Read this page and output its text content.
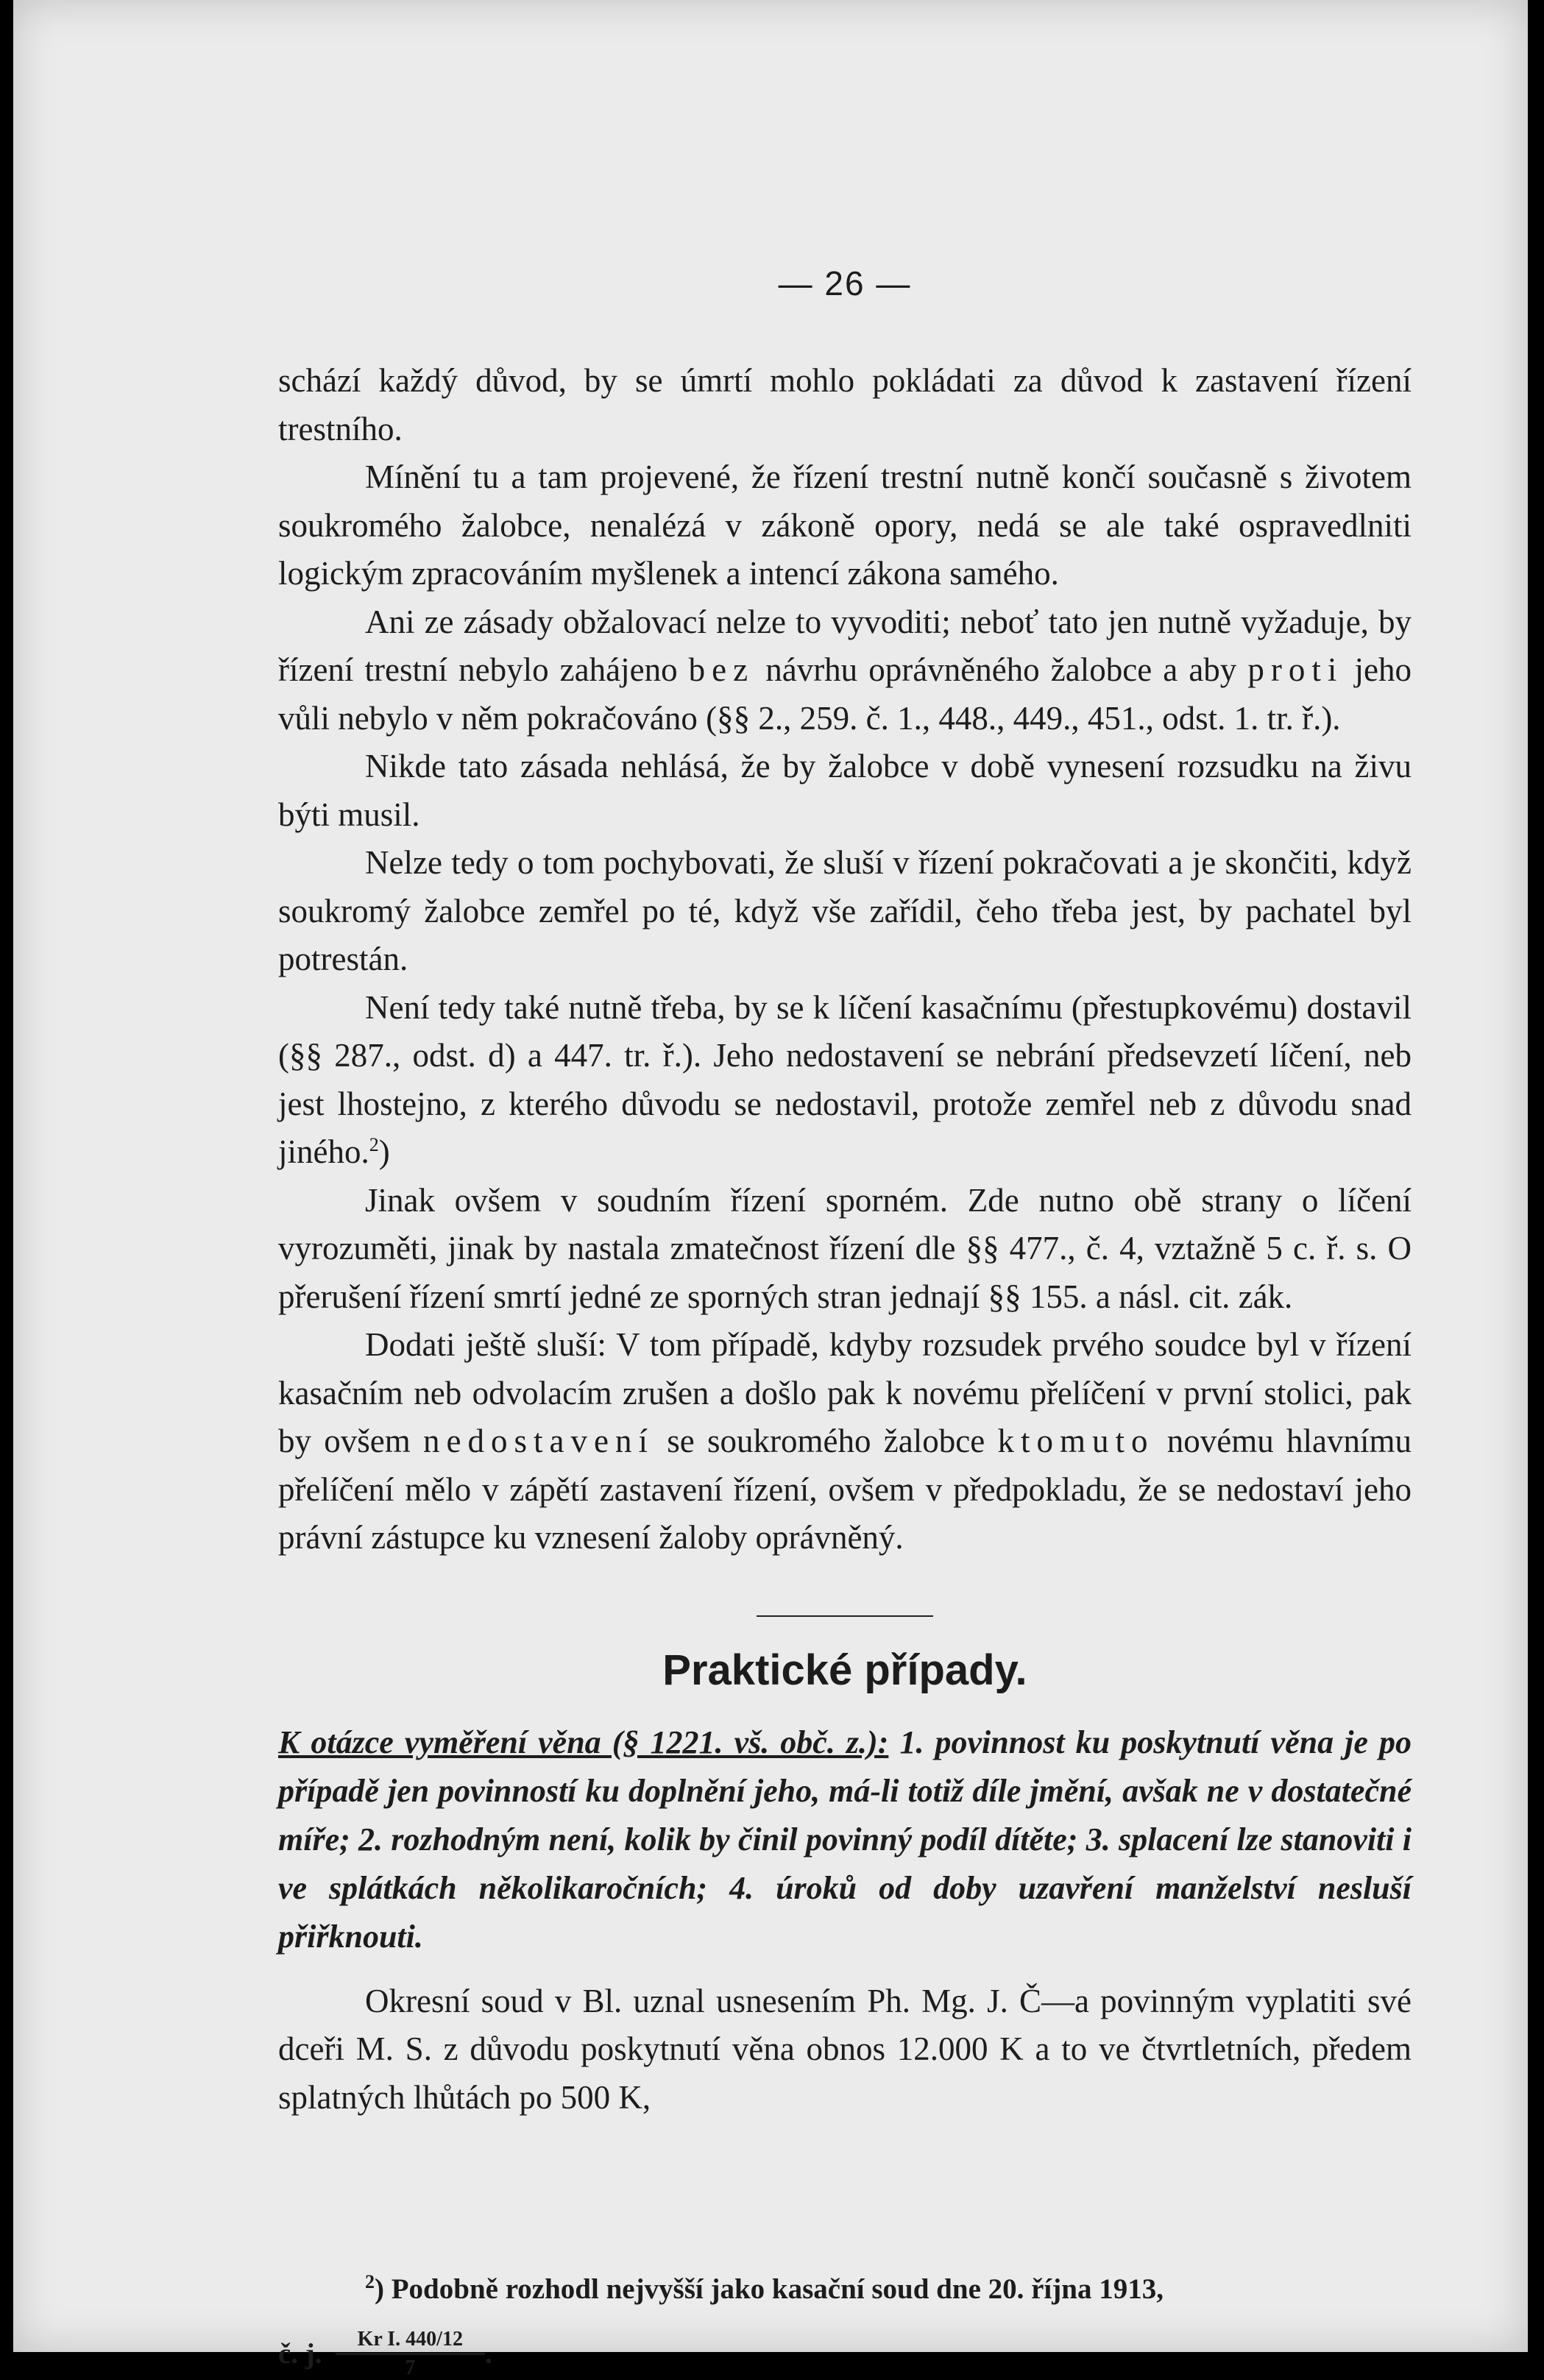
— 26 —

schází každý důvod, by se úmrtí mohlo pokládati za důvod k zastavení řízení trestního.

Mínění tu a tam projevené, že řízení trestní nutně končí současně s životem soukromého žalobce, nenalézá v zákoně opory, nedá se ale také ospravedlniti logickým zpracováním myšlenek a intencí zákona samého.

Ani ze zásady obžalovací nelze to vyvoditi; neboť tato jen nutně vyžaduje, by řízení trestní nebylo zahájeno bez návrhu oprávněného žalobce a aby proti jeho vůli nebylo v něm pokračováno (§§ 2., 259. č. 1., 448., 449., 451., odst. 1. tr. ř.).

Nikde tato zásada nehlásá, že by žalobce v době vynesení rozsudku na živu býti musil.

Nelze tedy o tom pochybovati, že sluší v řízení pokračovati a je skončiti, když soukromý žalobce zemřel po té, když vše zařídil, čeho třeba jest, by pachatel byl potrestán.

Není tedy také nutně třeba, by se k líčení kasačnímu (přestupkovému) dostavil (§§ 287., odst. d) a 447. tr. ř.). Jeho nedostavení se nebrání předsevzetí líčení, neb jest lhostejno, z kterého důvodu se nedostavil, protože zemřel neb z důvodu snad jiného.$^2$)

Jinak ovšem v soudním řízení sporném. Zde nutno obě strany o líčení vyrozuměti, jinak by nastala zmatečnost řízení dle §§ 477., č. 4, vztažně 5 c. ř. s. O přerušení řízení smrtí jedné ze sporných stran jednají §§ 155. a násl. cit. zák.

Dodati ještě sluší: V tom případě, kdyby rozsudek prvého soudce byl v řízení kasačním neb odvolacím zrušen a došlo pak k novému přelíčení v první stolici, pak by ovšem nedostavení se soukromého žalobce ktomuto novému hlavnímu přelíčení mělo v zápětí zastavení řízení, ovšem v předpokladu, že se nedostaví jeho právní zástupce ku vznesení žaloby oprávněný.

Praktické případy.

K otázce vyměření věna (§ 1221. vš. obč. z.): 1. povinnost ku poskytnutí věna je po případě jen povinností ku doplnění jeho, má-li totiž díle jmění, avšak ne v dostatečné míře; 2. rozhodným není, kolik by činil povinný podíl dítěte; 3. splacení lze stanoviti i ve splátkách několikaročních; 4. úroků od doby uzavření manželství nesluší přiřknouti.

Okresní soud v Bl. uznal usnesením Ph. Mg. J. Č—a povinným vyplatiti své dceři M. S. z důvodu poskytnutí věna obnos 12.000 K a to ve čtvrtletních, předem splatných lhůtách po 500 K,

$^2$) Podobně rozhodl nejvyšší jako kasační soud dne 20. října 1913,
č. j. $\frac{\text{Kr I. 440/12}}{7}$ .
